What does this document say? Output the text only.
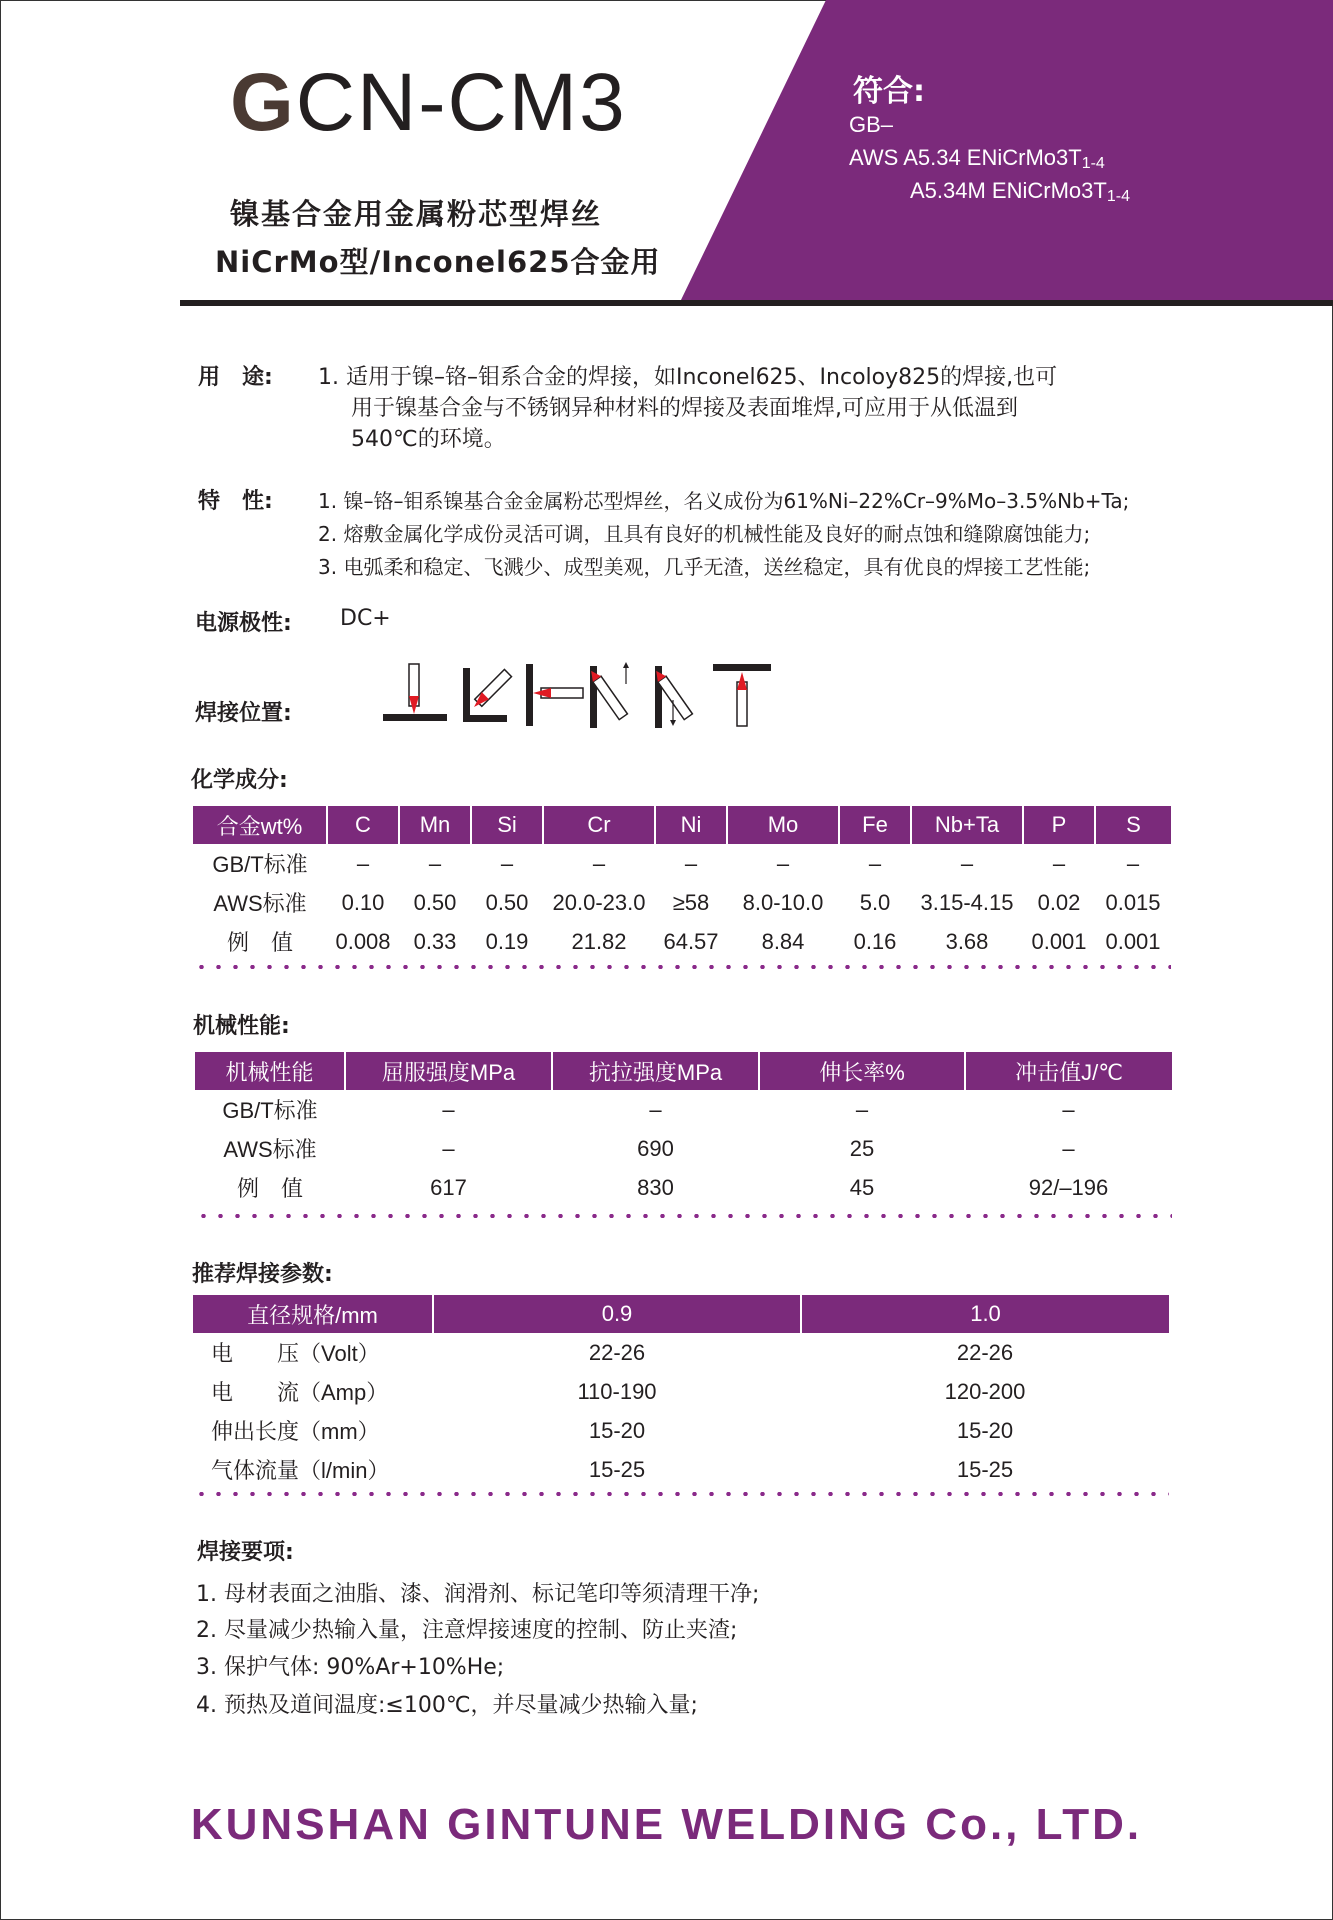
GCN-CM3
镍基合金用金属粉芯型焊丝
NiCrMo型/Inconel625合金用
符合:
GB–
AWS A5.34 $ENiCrMo3T_{1-4}$
A5.34M $ENiCrMo3T_{1-4}$
用　途: 1. 适用于镍–铬–钼系合金的焊接，如Inconel625、Incoloy825的焊接,也可
用于镍基合金与不锈钢异种材料的焊接及表面堆焊,可应用于从低温到
540℃的环境。
特　性: 1. 镍–铬–钼系镍基合金金属粉芯型焊丝，名义成份为61%Ni–22%Cr–9%Mo–3.5%Nb+Ta;
2. 熔敷金属化学成份灵活可调，且具有良好的机械性能及良好的耐点蚀和缝隙腐蚀能力;
3. 电弧柔和稳定、飞溅少、成型美观，几乎无渣，送丝稳定，具有优良的焊接工艺性能;
电源极性: DC+
焊接位置:
化学成分:
合金wt%	C	Mn	Si	Cr	Ni	Mo	Fe	Nb+Ta	P	S
GB/T标准	–	–	–	–	–	–	–	–	–	–
AWS标准	0.10	0.50	0.50	20.0-23.0	≥58	8.0-10.0	5.0	3.15-4.15	0.02	0.015
例　值	0.008	0.33	0.19	21.82	64.57	8.84	0.16	3.68	0.001	0.001
机械性能:
机械性能	屈服强度MPa	抗拉强度MPa	伸长率%	冲击值J/℃
GB/T标准	–	–	–	–
AWS标准	–	690	25	–
例　值	617	830	45	92/–196
推荐焊接参数:
直径规格/mm	0.9	1.0
电　　压（Volt）	22-26	22-26
电　　流（Amp）	110-190	120-200
伸出长度（mm）	15-20	15-20
气体流量（l/min）	15-25	15-25
焊接要项:
1. 母材表面之油脂、漆、润滑剂、标记笔印等须清理干净;
2. 尽量减少热输入量，注意焊接速度的控制、防止夹渣;
3. 保护气体: 90%Ar+10%He;
4. 预热及道间温度:≤100℃，并尽量减少热输入量;
KUNSHAN GINTUNE WELDING Co., LTD.
